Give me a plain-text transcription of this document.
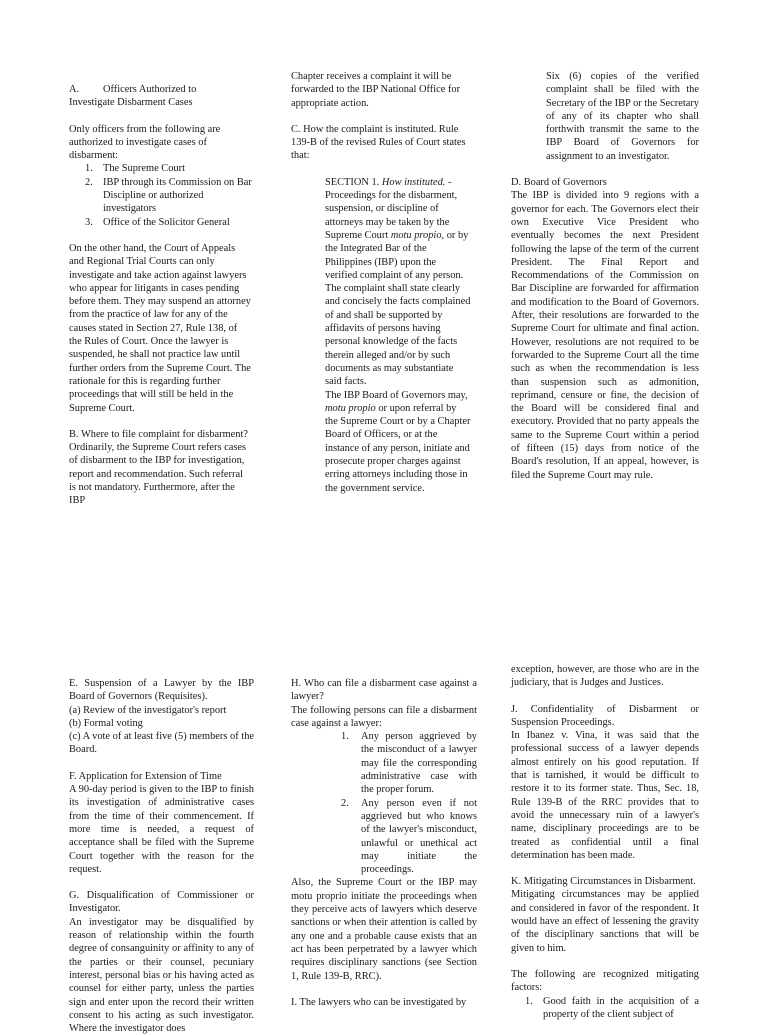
A. Officers Authorized to

Investigate Disbarment Cases

Only officers from the following are authorized to investigate cases of disbarment:

1. The Supreme Court
2. IBP through its Commission on Bar Discipline or authorized investigators
3. Office of the Solicitor General

On the other hand, the Court of Appeals and Regional Trial Courts can only investigate and take action against lawyers who appear for litigants in cases pending before them. They may suspend an attorney from the practice of law for any of the causes stated in Section 27, Rule 138, of the Rules of Court. Once the lawyer is suspended, he shall not practice law until further orders from the Supreme Court. The rationale for this is regarding further proceedings that will still be held in the Supreme Court.

B. Where to file complaint for disbarment?

Ordinarily, the Supreme Court refers cases of disbarment to the IBP for investigation, report and recommendation. Such referral is not mandatory. Furthermore, after the IBP

Chapter receives a complaint it will be forwarded to the IBP National Office for appropriate action.

C. How the complaint is instituted. Rule 139-B of the revised Rules of Court states that:

SECTION 1. How instituted. - Proceedings for the disbarment, suspension, or discipline of attorneys may be taken by the Supreme Court motu propio, or by the Integrated Bar of the Philippines (IBP) upon the verified complaint of any person. The complaint shall state clearly and concisely the facts complained of and shall be supported by affidavits of persons having personal knowledge of the facts therein alleged and/or by such documents as may substantiate said facts.

The IBP Board of Governors may, motu propio or upon referral by the Supreme Court or by a Chapter Board of Officers, or at the instance of any person, initiate and prosecute proper charges against erring attorneys including those in the government service.

Six (6) copies of the verified complaint shall be filed with the Secretary of the IBP or the Secretary of any of its chapter who shall forthwith transmit the same to the IBP Board of Governors for assignment to an investigator.

D. Board of Governors

The IBP is divided into 9 regions with a governor for each. The Governors elect their own Executive Vice President who eventually becomes the next President following the lapse of the term of the current President. The Final Report and Recommendations of the Commission on Bar Discipline are forwarded for affirmation and modification to the Board of Governors. After, their resolutions are forwarded to the Supreme Court for ultimate and final action. However, resolutions are not required to be forwarded to the Supreme Court all the time such as when the recommendation is less than suspension such as admonition, reprimand, censure or fine, the decision of the Board will be considered final and executory. Provided that no party appeals the same to the Supreme Court within a period of fifteen (15) days from notice of the Board's resolution, If an appeal, however, is filed the Supreme Court may rule.

E. Suspension of a Lawyer by the IBP Board of Governors (Requisites).

(a) Review of the investigator's report

(b) Formal voting

(c) A vote of at least five (5) members of the Board.

F. Application for Extension of Time

A 90-day period is given to the IBP to finish its investigation of administrative cases from the time of their commencement. If more time is needed, a request of acceptance shall be filed with the Supreme Court together with the reason for the request.

G. Disqualification of Commissioner or Investigator.

An investigator may be disqualified by reason of relationship within the fourth degree of consanguinity or affinity to any of the parties or their counsel, pecuniary interest, personal bias or his having acted as counsel for either party, unless the parties sign and enter upon the record their written consent to his acting as such investigator. Where the investigator does

H. Who can file a disbarment case against a lawyer?

The following persons can file a disbarment case against a lawyer:

1. Any person aggrieved by the misconduct of a lawyer may file the corresponding administrative case with the proper forum.
2. Any person even if not aggrieved but who knows of the lawyer's misconduct, unlawful or unethical act may initiate the proceedings.

Also, the Supreme Court or the IBP may motu proprio initiate the proceedings when they perceive acts of lawyers which deserve sanctions or when their attention is called by any one and a probable cause exists that an act has been perpetrated by a lawyer which requires disciplinary sanctions (see Section 1, Rule 139-B, RRC).

I. The lawyers who can be investigated by

exception, however, are those who are in the judiciary, that is Judges and Justices.

J. Confidentiality of Disbarment or Suspension Proceedings.

In Ibanez v. Vina, it was said that the professional success of a lawyer depends almost entirely on his good reputation. If that is tarnished, it would be difficult to restore it to its former state. Thus, Sec. 18, Rule 139-B of the RRC provides that to avoid the unnecessary ruin of a lawyer's name, disciplinary proceedings are to be treated as confidential until a final determination has been made.

K. Mitigating Circumstances in Disbarment.

Mitigating circumstances may be applied and considered in favor of the respondent. It would have an effect of lessening the gravity of the disciplinary sanctions that will be given to him.

The following are recognized mitigating factors:

1. Good faith in the acquisition of a property of the client subject of
